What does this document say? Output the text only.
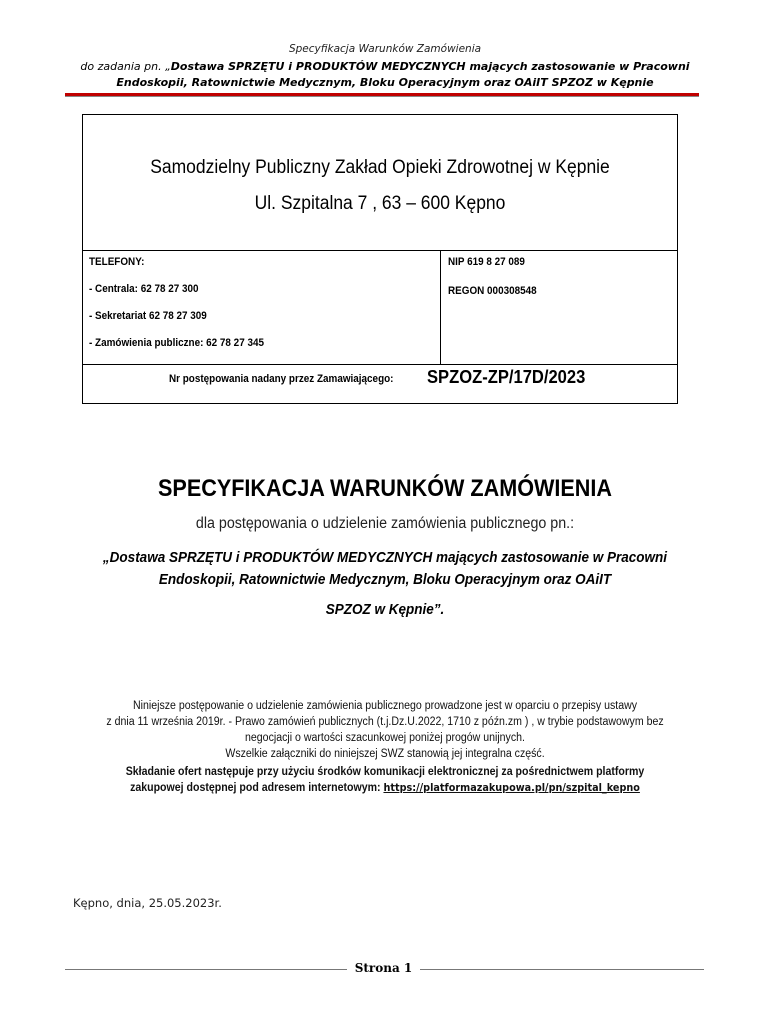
Specyfikacja Warunków Zamówienia
do zadania pn. „Dostawa SPRZĘTU i PRODUKTÓW MEDYCZNYCH mających zastosowanie w Pracowni
Endoskopii, Ratownictwie Medycznym, Bloku Operacyjnym oraz OAiIT SPZOZ w Kępnie
Samodzielny Publiczny Zakład Opieki Zdrowotnej w Kępnie
Ul. Szpitalna 7 , 63 – 600 Kępno
TELEFONY:
- Centrala: 62 78 27 300
- Sekretariat 62 78 27 309
- Zamówienia publiczne: 62 78 27 345
NIP 619 8 27 089
REGON 000308548
Nr postępowania nadany przez Zamawiającego: SPZOZ-ZP/17D/2023
SPECYFIKACJA WARUNKÓW ZAMÓWIENIA
dla postępowania o udzielenie zamówienia publicznego pn.:
„Dostawa SPRZĘTU i PRODUKTÓW MEDYCZNYCH mających zastosowanie w Pracowni
Endoskopii, Ratownictwie Medycznym, Bloku Operacyjnym oraz OAiIT
SPZOZ w Kępnie”.
Niniejsze postępowanie o udzielenie zamówienia publicznego prowadzone jest w oparciu o przepisy ustawy
z dnia 11 września 2019r. - Prawo zamówień publicznych (t.j.Dz.U.2022, 1710 z późn.zm ) , w trybie podstawowym bez
negocjacji o wartości szacunkowej poniżej progów unijnych.
Wszelkie załączniki do niniejszej SWZ stanowią jej integralna część.
Składanie ofert następuje przy użyciu środków komunikacji elektronicznej za pośrednictwem platformy
zakupowej dostępnej pod adresem internetowym: https://platformazakupowa.pl/pn/szpital_kepno
Kępno, dnia, 25.05.2023r.
Strona 1
